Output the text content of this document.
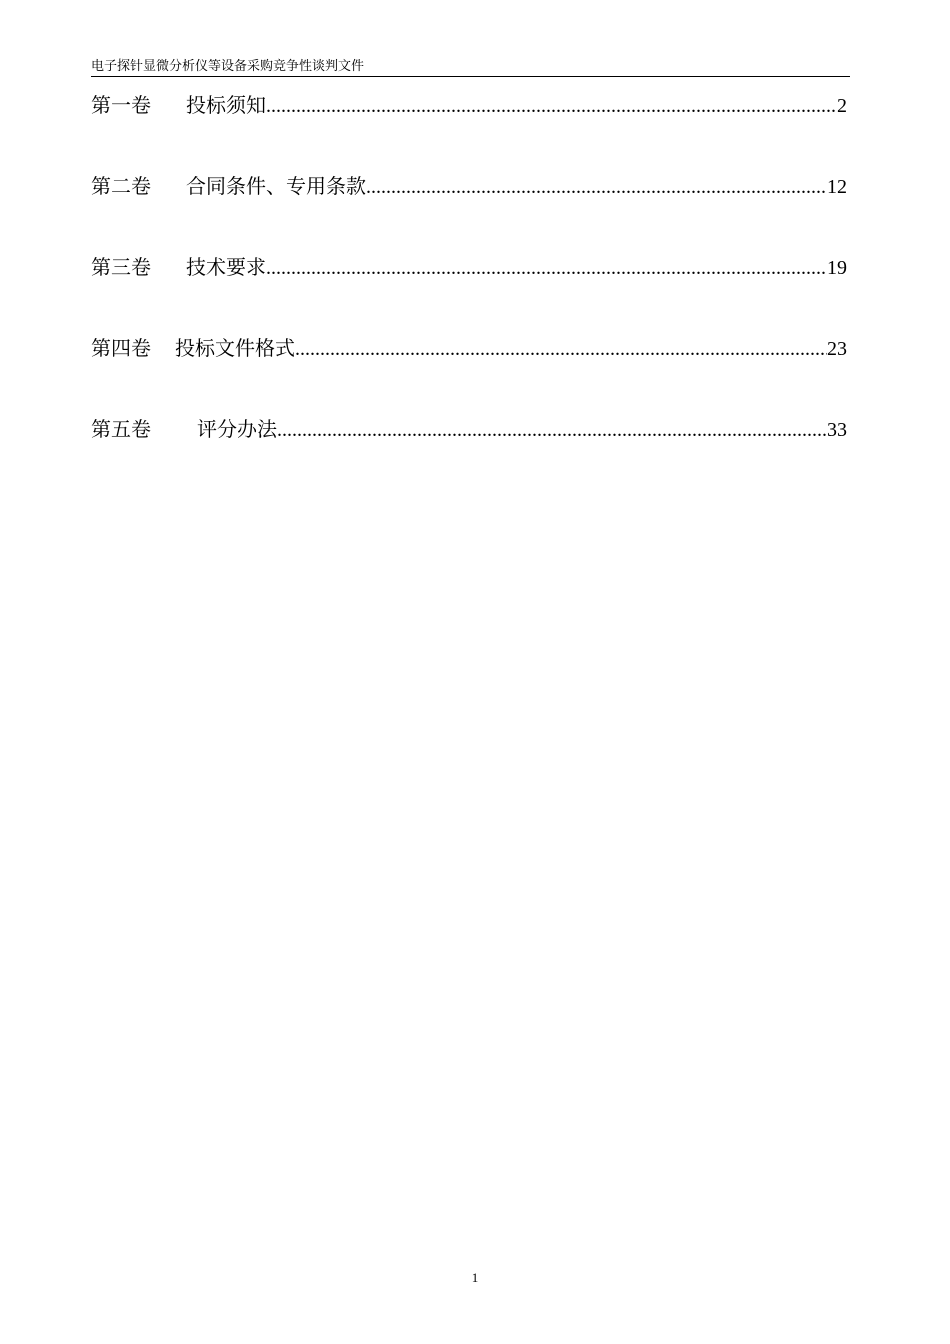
电子探针显微分析仪等设备采购竞争性谈判文件
第一卷 投标须知 .....	2
第二卷 合同条件、专用条款 .....	12
第三卷 技术要求 .....	19
第四卷 投标文件格式 .....	23
第五卷 评分办法 .....	33
1
